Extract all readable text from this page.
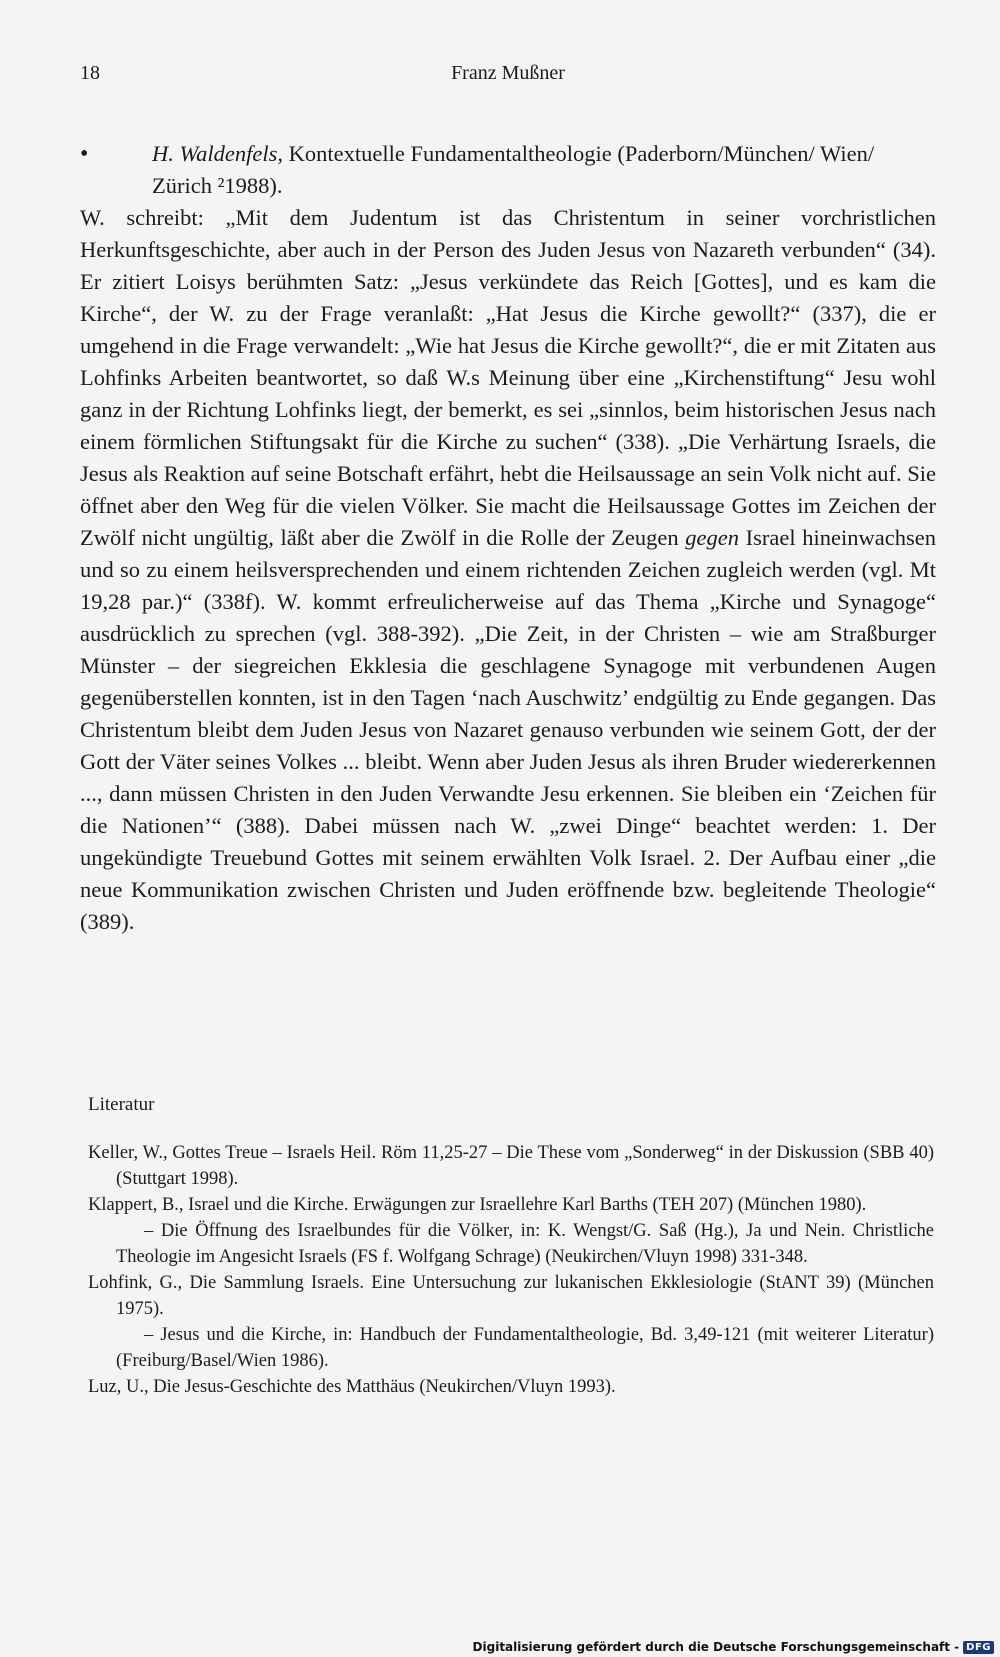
18	Franz Mußner
•	H. Waldenfels, Kontextuelle Fundamentaltheologie (Paderborn/München/ Wien/ Zürich ²1988).
W. schreibt: „Mit dem Judentum ist das Christentum in seiner vorchristlichen Herkunftsgeschichte, aber auch in der Person des Juden Jesus von Nazareth verbunden“ (34). Er zitiert Loisys berühmten Satz: „Jesus verkündete das Reich [Gottes], und es kam die Kirche“, der W. zu der Frage veranlaßt: „Hat Jesus die Kirche gewollt?“ (337), die er umgehend in die Frage verwandelt: „Wie hat Jesus die Kirche gewollt?“, die er mit Zitaten aus Lohfinks Arbeiten beantwortet, so daß W.s Meinung über eine „Kirchenstiftung“ Jesu wohl ganz in der Richtung Lohfinks liegt, der bemerkt, es sei „sinnlos, beim historischen Jesus nach einem förmlichen Stiftungsakt für die Kirche zu suchen“ (338). „Die Verhärtung Israels, die Jesus als Reaktion auf seine Botschaft erfährt, hebt die Heilsaussage an sein Volk nicht auf. Sie öffnet aber den Weg für die vielen Völker. Sie macht die Heilsaussage Gottes im Zeichen der Zwölf nicht ungültig, läßt aber die Zwölf in die Rolle der Zeugen gegen Israel hineinwachsen und so zu einem heilsversprechenden und einem richtenden Zeichen zugleich werden (vgl. Mt 19,28 par.)“ (338f). W. kommt erfreulicherweise auf das Thema „Kirche und Synagoge“ ausdrücklich zu sprechen (vgl. 388-392). „Die Zeit, in der Christen – wie am Straßburger Münster – der siegreichen Ekklesia die geschlagene Synagoge mit verbundenen Augen gegenüberstellen konnten, ist in den Tagen ‘nach Auschwitz’ endgültig zu Ende gegangen. Das Christentum bleibt dem Juden Jesus von Nazaret genauso verbunden wie seinem Gott, der der Gott der Väter seines Volkes ... bleibt. Wenn aber Juden Jesus als ihren Bruder wiedererkennen ..., dann müssen Christen in den Juden Verwandte Jesu erkennen. Sie bleiben ein ‘Zeichen für die Nationen’“ (388). Dabei müssen nach W. „zwei Dinge“ beachtet werden: 1. Der ungekündigte Treuebund Gottes mit seinem erwählten Volk Israel. 2. Der Aufbau einer „die neue Kommunikation zwischen Christen und Juden eröffnende bzw. begleitende Theologie“ (389).
Literatur

Keller, W., Gottes Treue – Israels Heil. Röm 11,25-27 – Die These vom „Sonderweg“ in der Diskussion (SBB 40) (Stuttgart 1998).

Klappert, B., Israel und die Kirche. Erwägungen zur Israellehre Karl Barths (TEH 207) (München 1980).

– Die Öffnung des Israelbundes für die Völker, in: K. Wengst/G. Saß (Hg.), Ja und Nein. Christliche Theologie im Angesicht Israels (FS f. Wolfgang Schrage) (Neukirchen/Vluyn 1998) 331-348.

Lohfink, G., Die Sammlung Israels. Eine Untersuchung zur lukanischen Ekklesiologie (StANT 39) (München 1975).

– Jesus und die Kirche, in: Handbuch der Fundamentaltheologie, Bd. 3,49-121 (mit weiterer Literatur) (Freiburg/Basel/Wien 1986).

Luz, U., Die Jesus-Geschichte des Matthäus (Neukirchen/Vluyn 1993).

Digitalisierung gefördert durch die Deutsche Forschungsgemeinschaft - DFG
